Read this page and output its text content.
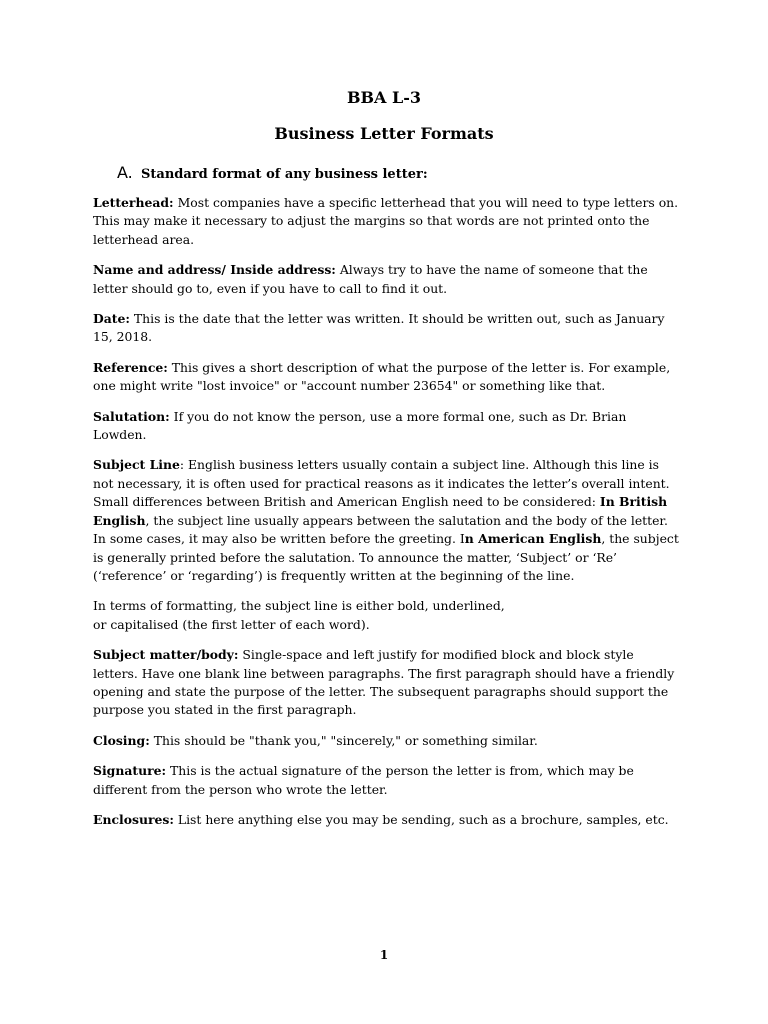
BBA L-3
Business Letter Formats
A. Standard format of any business letter:

Letterhead: Most companies have a specific letterhead that you will need to type letters on. This may make it necessary to adjust the margins so that words are not printed onto the letterhead area.

Name and address/ Inside address: Always try to have the name of someone that the letter should go to, even if you have to call to find it out.

Date: This is the date that the letter was written. It should be written out, such as January 15, 2018.

Reference: This gives a short description of what the purpose of the letter is. For example, one might write "lost invoice" or "account number 23654" or something like that.

Salutation: If you do not know the person, use a more formal one, such as Dr. Brian Lowden.

Subject Line: English business letters usually contain a subject line. Although this line is not necessary, it is often used for practical reasons as it indicates the letter’s overall intent. Small differences between British and American English need to be considered: In British English, the subject line usually appears between the salutation and the body of the letter. In some cases, it may also be written before the greeting. In American English, the subject is generally printed before the salutation. To announce the matter, ‘Subject’ or ‘Re’ (‘reference’ or ‘regarding’) is frequently written at the beginning of the line.

In terms of formatting, the subject line is either bold, underlined,
or capitalised (the first letter of each word).

Subject matter/body: Single-space and left justify for modified block and block style letters. Have one blank line between paragraphs. The first paragraph should have a friendly opening and state the purpose of the letter. The subsequent paragraphs should support the purpose you stated in the first paragraph.

Closing: This should be "thank you," "sincerely," or something similar.

Signature: This is the actual signature of the person the letter is from, which may be different from the person who wrote the letter.

Enclosures: List here anything else you may be sending, such as a brochure, samples, etc.

1
